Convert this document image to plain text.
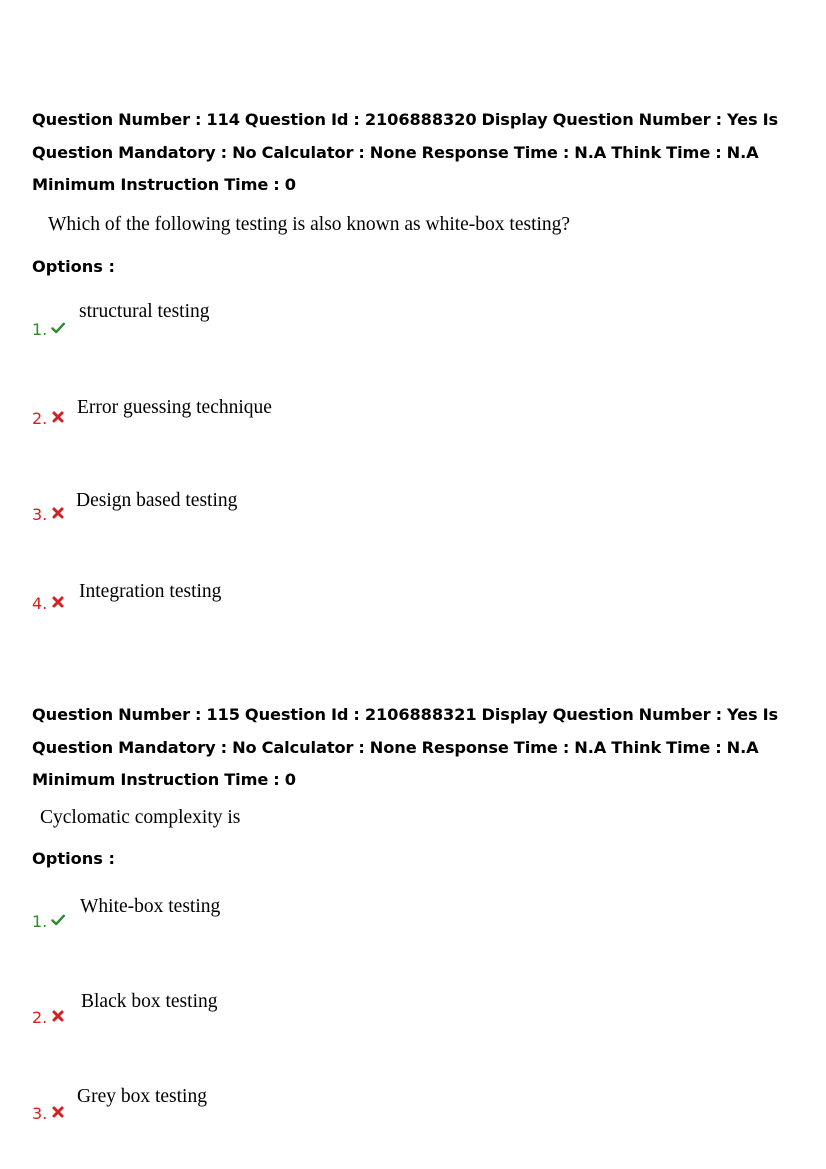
Question Number : 114 Question Id : 2106888320 Display Question Number : Yes Is Question Mandatory : No Calculator : None Response Time : N.A Think Time : N.A Minimum Instruction Time : 0
Which of the following testing is also known as white-box testing?
Options :
1.
structural testing
2.
Error guessing technique
3.
Design based testing
4.
Integration testing
Question Number : 115 Question Id : 2106888321 Display Question Number : Yes Is Question Mandatory : No Calculator : None Response Time : N.A Think Time : N.A Minimum Instruction Time : 0
Cyclomatic complexity is
Options :
1.
White-box testing
2.
Black box testing
3.
Grey box testing
